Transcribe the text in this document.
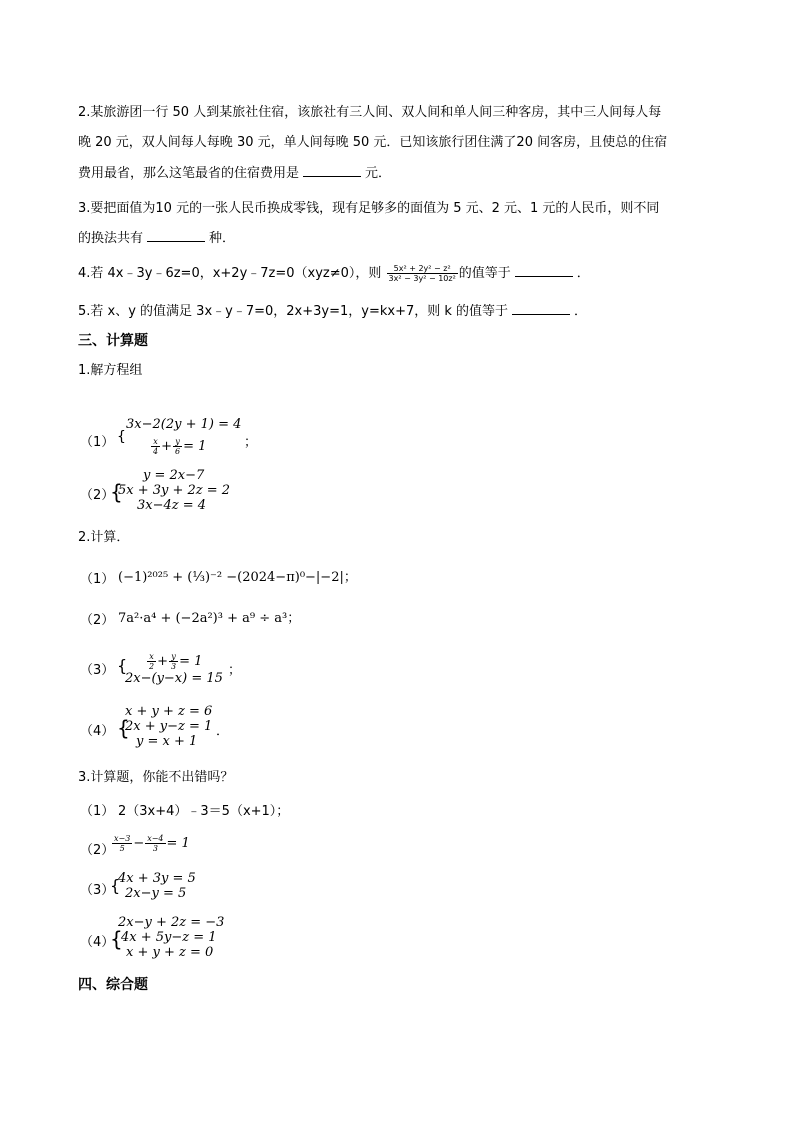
2.某旅游团一行 50 人到某旅社住宿，该旅社有三人间、双人间和单人间三种客房，其中三人间每人每
晚 20 元，双人间每人每晚 30 元，单人间每晚 50 元．已知该旅行团住满了20 间客房，且使总的住宿
费用最省，那么这笔最省的住宿费用是	元．
3.要把面值为10 元的一张人民币换成零钱，现有足够多的面值为 5 元、2 元、1 元的人民币，则不同
的换法共有	种．
4.若 4x﹣3y﹣6z=0，x+2y﹣7z=0（xyz≠0），则 $\frac{\text{5x² + 2y² − z²}}{\text{3x² − 3y² − 10z²}}$ 的值等于	．
5.若 x、y 的值满足 3x﹣y﹣7=0，2x+3y=1，y=kx+7，则 k 的值等于	．
三、计算题
1.解方程组
（1） {
3x−2(2y + 1) = 4
$\frac{x}{4} + \frac{y}{6} = 1$	；
（2）
{
y = 2x−7
5x + 3y + 2z = 2
3x−4z = 4
2.计算．
（1） (−1)²⁰²⁵ + (⅓)⁻² −(2024−π)⁰−|−2|；
（2） 7a²·a⁴ + (−2a²)³ + a⁹ ÷ a³；
（3） { $\frac{x}{2} + \frac{y}{3} = 1$
2x−(y−x) = 15
；
（4） {
x + y + z = 6
2x + y−z = 1
y = x + 1
．
3.计算题，你能不出错吗？
（1） 2（3x+4）﹣3＝5（x+1）；
（2）
$\frac{x-3}{5} - \frac{x-4}{3} = 1$
（3）
{
4x + 3y = 5
2x−y = 5
（4）
{
2x−y + 2z = −3
4x + 5y−z = 1
x + y + z = 0
四、综合题
